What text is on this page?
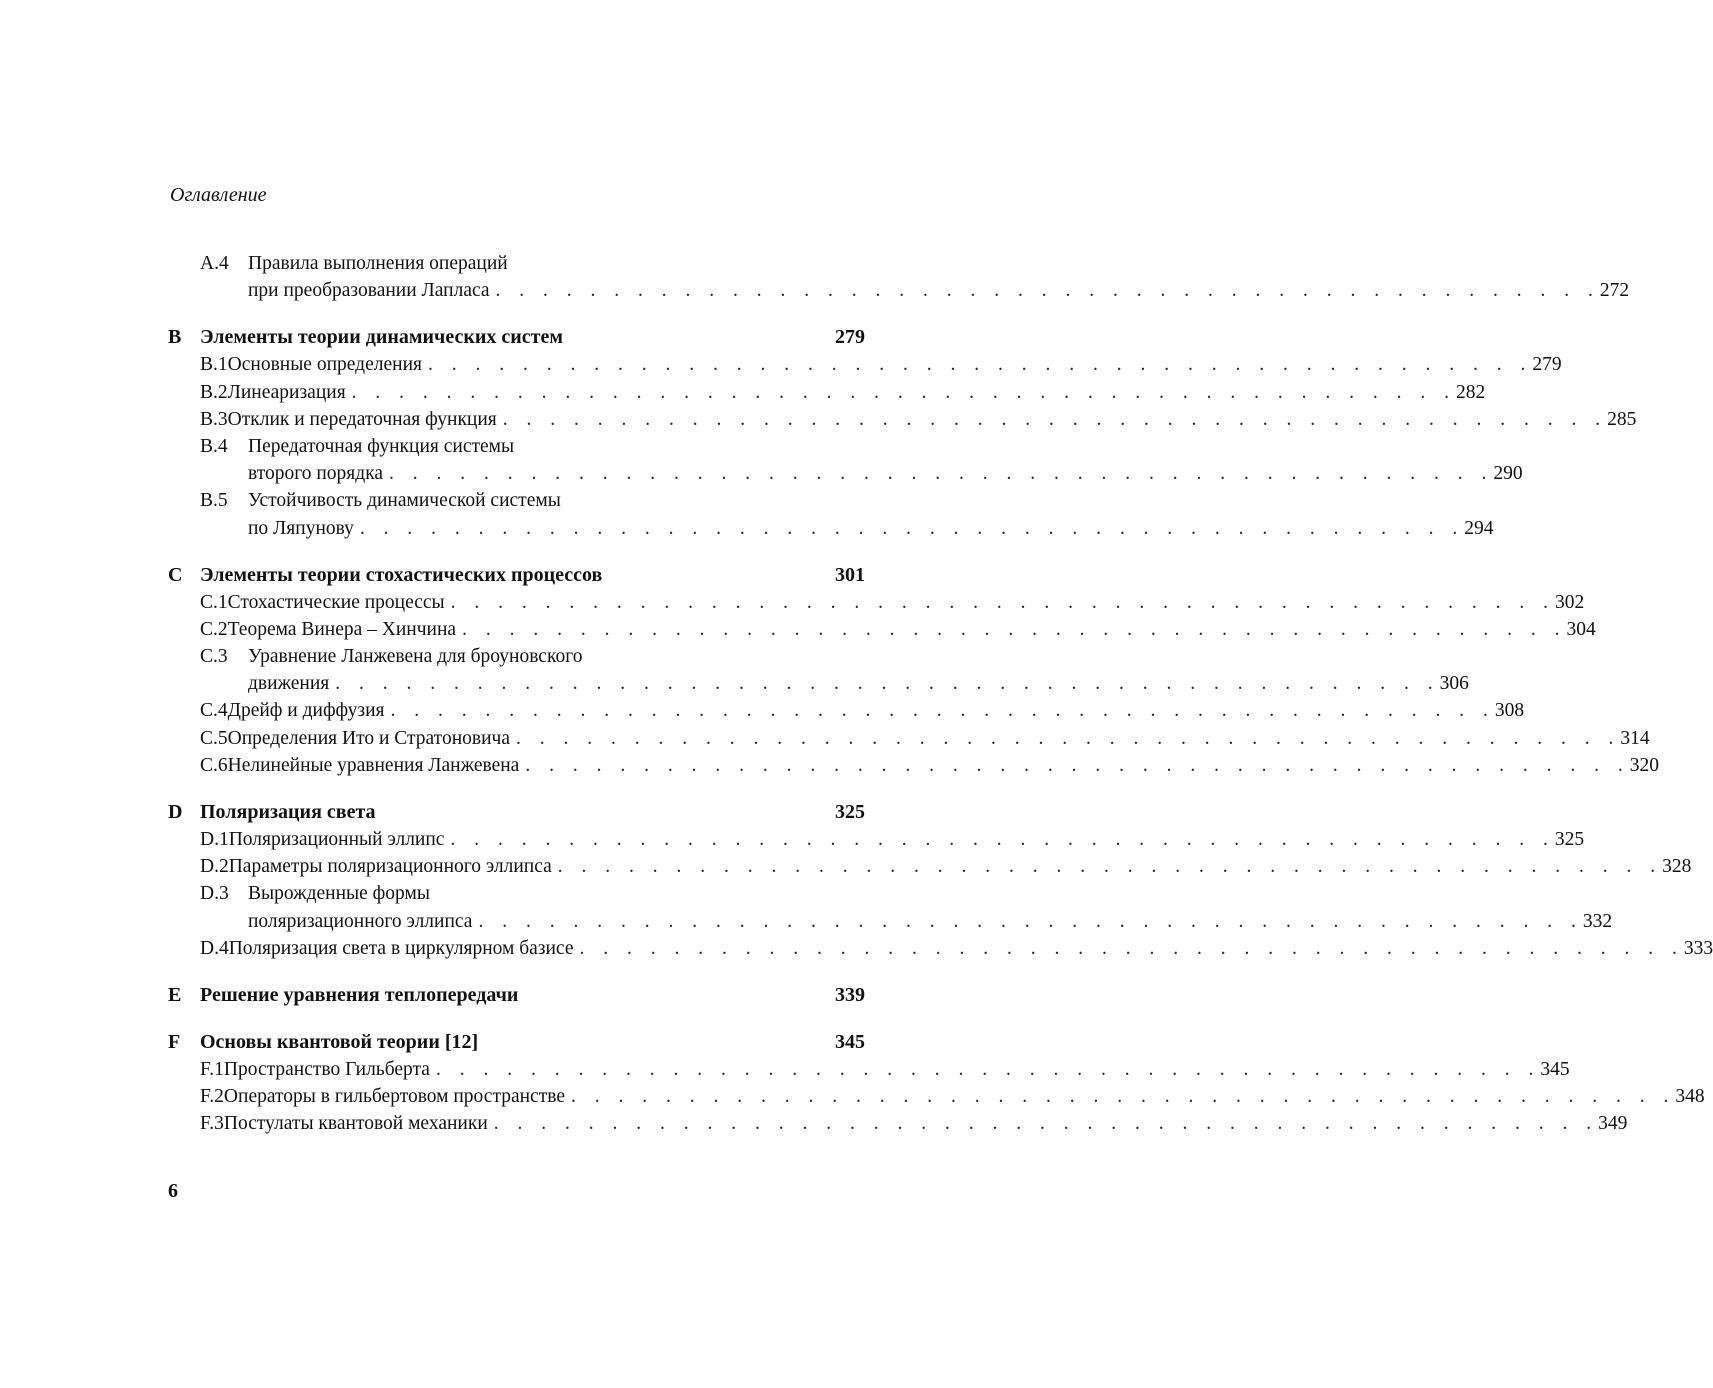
Оглавление
A.4 Правила выполнения операций
при преобразовании Лапласа . . . . . . . . . . . . . . . . . . . . . . . . . . . . . . . . . . . . . . . . . . . . . . . 272
B Элементы теории динамических систем	279
B.1 Основные определения . . . . . . . . . . . . . . . . . . . . . . . . . . . . . . . . . . . . . . . . . . . . . . . 279
B.2 Линеаризация . . . . . . . . . . . . . . . . . . . . . . . . . . . . . . . . . . . . . . . . . . . . . . . 282
B.3 Отклик и передаточная функция . . . . . . . . . . . . . . . . . . . . . . . . . . . . . . . . . . . . . . . . . . . . . . . 285
B.4	Передаточная функция системы
второго порядка . . . . . . . . . . . . . . . . . . . . . . . . . . . . . . . . . . . . . . . . . . . . . . . 290
B.5	Устойчивость динамической системы
по Ляпунову . . . . . . . . . . . . . . . . . . . . . . . . . . . . . . . . . . . . . . . . . . . . . . . 294
C Элементы теории стохастических процессов	301
C.1 Стохастические процессы . . . . . . . . . . . . . . . . . . . . . . . . . . . . . . . . . . . . . . . . . . . . . . . 302
C.2 Теорема Винера – Хинчина . . . . . . . . . . . . . . . . . . . . . . . . . . . . . . . . . . . . . . . . . . . . . . . 304
C.3	Уравнение Ланжевена для броуновского
движения . . . . . . . . . . . . . . . . . . . . . . . . . . . . . . . . . . . . . . . . . . . . . . . 306
C.4 Дрейф и диффузия . . . . . . . . . . . . . . . . . . . . . . . . . . . . . . . . . . . . . . . . . . . . . . . 308
C.5 Определения Ито и Стратоновича . . . . . . . . . . . . . . . . . . . . . . . . . . . . . . . . . . . . . . . . . . . . . . . 314
C.6 Нелинейные уравнения Ланжевена . . . . . . . . . . . . . . . . . . . . . . . . . . . . . . . . . . . . . . . . . . . . . . . 320
D Поляризация света	325
D.1 Поляризационный эллипс . . . . . . . . . . . . . . . . . . . . . . . . . . . . . . . . . . . . . . . . . . . . . . . 325
D.2 Параметры поляризационного эллипса . . . . . . . . . . . . . . . . . . . . . . . . . . . . . . . . . . . . . . . . . . . . . . . 328
D.3 Вырожденные формы
поляризационного эллипса . . . . . . . . . . . . . . . . . . . . . . . . . . . . . . . . . . . . . . . . . . . . . . . 332
D.4 Поляризация света в циркулярном базисе . . . . . . . . . . . . . . . . . . . . . . . . . . . . . . . . . . . . . . . . . . . . . . . 333
E Решение уравнения теплопередачи	339
F Основы квантовой теории [12]	345
F.1 Пространство Гильберта . . . . . . . . . . . . . . . . . . . . . . . . . . . . . . . . . . . . . . . . . . . . . . . 345
F.2 Операторы в гильбертовом пространстве . . . . . . . . . . . . . . . . . . . . . . . . . . . . . . . . . . . . . . . . . . . . . . . 348
F.3 Постулаты квантовой механики . . . . . . . . . . . . . . . . . . . . . . . . . . . . . . . . . . . . . . . . . . . . . . . 349
6
